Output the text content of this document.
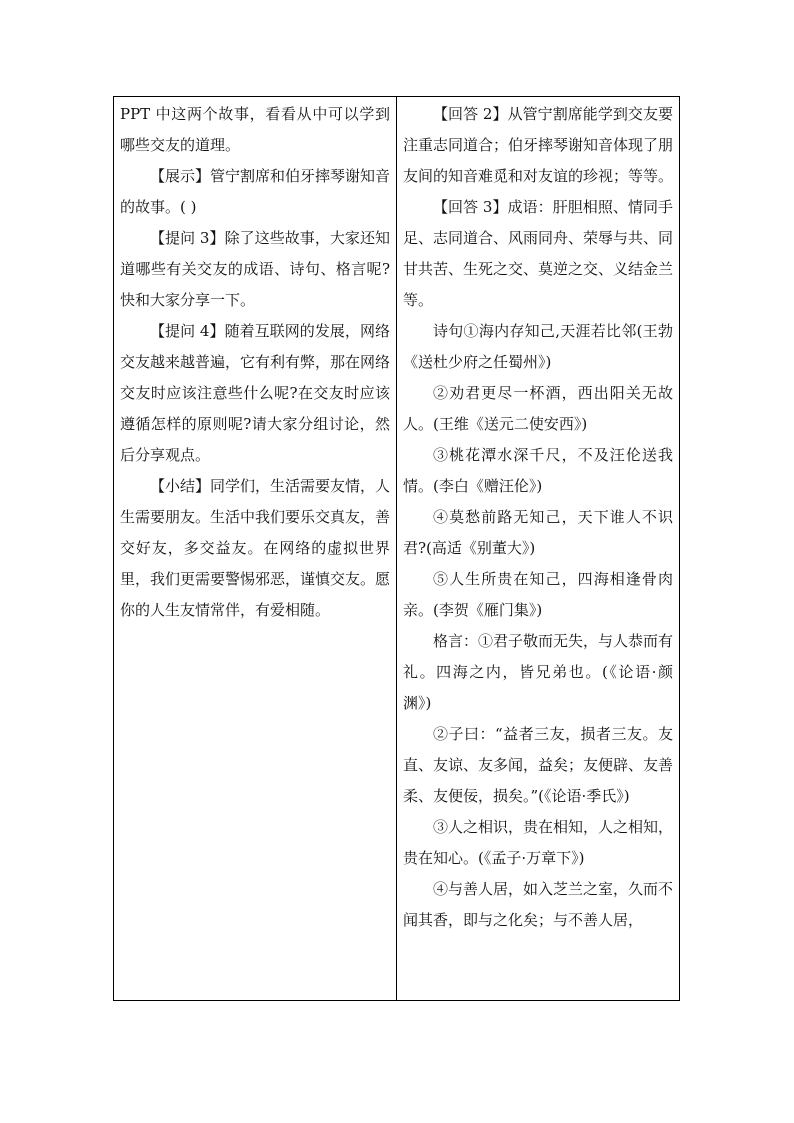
PPT 中这两个故事，看看从中可以学到哪些交友的道理。

【展示】管宁割席和伯牙摔琴谢知音的故事。( )

【提问 3】除了这些故事，大家还知道哪些有关交友的成语、诗句、格言呢?快和大家分享一下。

【提问 4】随着互联网的发展，网络交友越来越普遍，它有利有弊，那在网络交友时应该注意些什么呢?在交友时应该遵循怎样的原则呢?请大家分组讨论，然后分享观点。

【小结】同学们，生活需要友情，人生需要朋友。生活中我们要乐交真友，善交好友，多交益友。在网络的虚拟世界里，我们更需要警惕邪恶，谨慎交友。愿你的人生友情常伴，有爱相随。

【回答 2】从管宁割席能学到交友要注重志同道合；伯牙摔琴谢知音体现了朋友间的知音难觅和对友谊的珍视；等等。

【回答 3】成语：肝胆相照、情同手足、志同道合、风雨同舟、荣辱与共、同甘共苦、生死之交、莫逆之交、义结金兰等。

诗句①海内存知己,天涯若比邻(王勃《送杜少府之任蜀州》)

②劝君更尽一杯酒，西出阳关无故人。(王维《送元二使安西》)

③桃花潭水深千尺，不及汪伦送我情。(李白《赠汪伦》)

④莫愁前路无知己，天下谁人不识君?(高适《别董大》)

⑤人生所贵在知己，四海相逢骨肉亲。(李贺《雁门集》)

格言：①君子敬而无失，与人恭而有礼。四海之内，皆兄弟也。(《论语·颜渊》)

②子曰：“益者三友，损者三友。友直、友谅、友多闻，益矣；友便辟、友善柔、友便佞，损矣。”(《论语·季氏》)

③人之相识，贵在相知，人之相知，贵在知心。(《孟子·万章下》)

④与善人居，如入芝兰之室，久而不闻其香，即与之化矣；与不善人居，
